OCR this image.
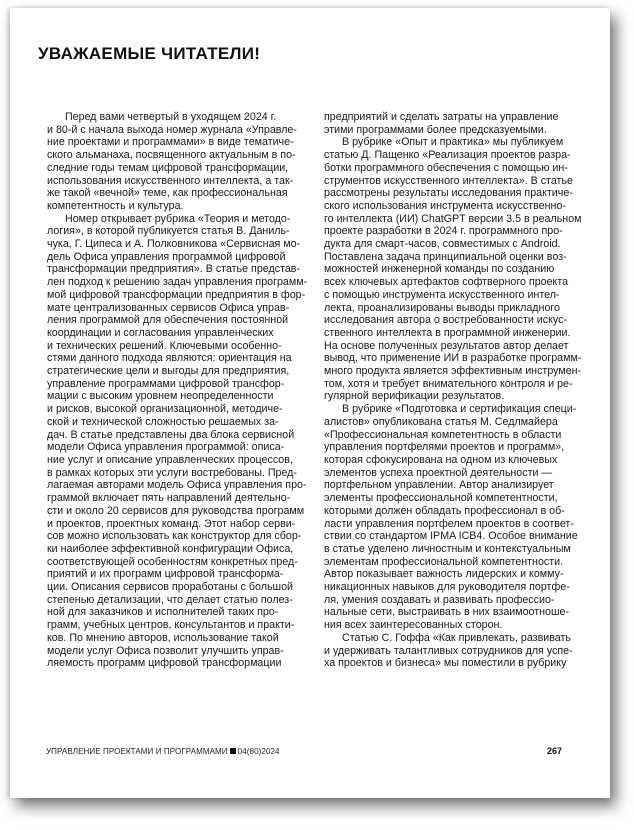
УВАЖАЕМЫЕ ЧИТАТЕЛИ!

Перед вами четвертый в уходящем 2024 г.

и 80-й с начала выхода номер журнала «Управле-

ние проектами и программами» в виде тематиче-

ского альманаха, посвященного актуальным в по-

следние годы темам цифровой трансформации,

использования искусственного интеллекта, а так-

же такой «вечной» теме, как профессиональная

компетентность и культура.

Номер открывает рубрика «Теория и методо-

логия», в которой публикуется статья В. Даниль-

чука, Г. Ципеса и А. Полковникова «Сервисная мо-

дель Офиса управления программой цифровой

трансформации предприятия». В статье представ-

лен подход к решению задач управления программ-

мой цифровой трансформации предприятия в фор-

мате централизованных сервисов Офиса управ-

ления программой для обеспечения постоянной

координации и согласования управленческих

и технических решений. Ключевыми особенно-

стями данного подхода являются: ориентация на

стратегические цели и выгоды для предприятия,

управление программами цифровой трансфор-

мации с высоким уровнем неопределенности

и рисков, высокой организационной, методиче-

ской и технической сложностью решаемых за-

дач. В статье представлены два блока сервисной

модели Офиса управления программой: описа-

ние услуг и описание управленческих процессов,

в рамках которых эти услуги востребованы. Пред-

лагаемая авторами модель Офиса управления про-

граммой включает пять направлений деятельно-

сти и около 20 сервисов для руководства программ

и проектов, проектных команд. Этот набор серви-

сов можно использовать как конструктор для сбор-

ки наиболее эффективной конфигурации Офиса,

соответствующей особенностям конкретных пред-

приятий и их программ цифровой трансформа-

ции. Описания сервисов проработаны с большой

степенью детализации, что делает статью полез-

ной для заказчиков и исполнителей таких про-

грамм, учебных центров, консультантов и практи-

ков. По мнению авторов, использование такой

модели услуг Офиса позволит улучшить управ-

ляемость программ цифровой трансформации

предприятий и сделать затраты на управление

этими программами более предсказуемыми.

В рубрике «Опыт и практика» мы публикуем

статью Д. Пащенко «Реализация проектов разра-

ботки программного обеспечения с помощью ин-

струментов искусственного интеллекта». В статье

рассмотрены результаты исследования практиче-

ского использования инструмента искусственно-

го интеллекта (ИИ) ChatGPT версии 3.5 в реальном

проекте разработки в 2024 г. программного про-

дукта для смарт-часов, совместимых с Android.

Поставлена задача принципиальной оценки воз-

можностей инженерной команды по созданию

всех ключевых артефактов софтверного проекта

с помощью инструмента искусственного интел-

лекта, проанализированы выводы прикладного

исследования автора о востребованности искус-

ственного интеллекта в программной инженерии.

На основе полученных результатов автор делает

вывод, что применение ИИ в разработке программ-

много продукта является эффективным инструмен-

том, хотя и требует внимательного контроля и ре-

гулярной верификации результатов.

В рубрике «Подготовка и сертификация специ-

алистов» опубликована статья М. Седлмайера

«Профессиональная компетентность в области

управления портфелями проектов и программ»,

которая сфокусирована на одном из ключевых

элементов успеха проектной деятельности —

портфельном управлении. Автор анализирует

элементы профессиональной компетентности,

которыми должен обладать профессионал в об-

ласти управления портфелем проектов в соответ-

ствии со стандартом IPMA ICB4. Особое внимание

в статье уделено личностным и контекстуальным

элементам профессиональной компетентности.

Автор показывает важность лидерских и комму-

никационных навыков для руководителя портфе-

ля, умения создавать и развивать профессио-

нальные сети, выстраивать в них взаимоотноше-

ния всех заинтересованных сторон.

Статью С. Гоффа «Как привлекать, развивать

и удерживать талантливых сотрудников для успе-

ха проектов и бизнеса» мы поместили в рубрику

УПРАВЛЕНИЕ ПРОЕКТАМИ И ПРОГРАММАМИ 04(80)2024	267
